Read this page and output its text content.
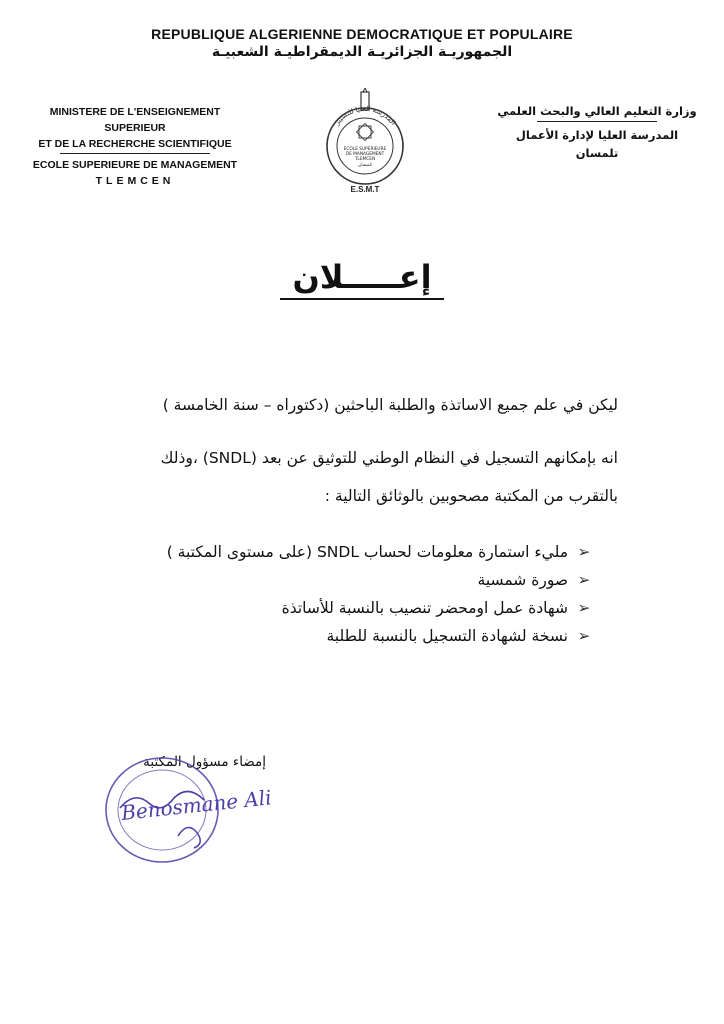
REPUBLIQUE ALGERIENNE DEMOCRATIQUE ET POPULAIRE
الجمهوريـة الجزائريـة الديمقراطيـة الشعبيـة
MINISTERE DE L'ENSEIGNEMENT SUPERIEUR
ET DE LA RECHERCHE SCIENTIFIQUE
ECOLE SUPERIEURE DE MANAGEMENT
TLEMCEN
المدرسة العليا للتسيير
ECOLE SUPERIEURE
DE MANAGEMENT
TLEMCEN
تلمسان
E.S.M.T
وزارة التعليم العالي والبحث العلمي
المدرسة العليا لإدارة الأعمال
تلمسان
إعـــــلان
ليكن في علم جميع الاساتذة والطلبة الباحثين (دكتوراه – سنة الخامسة )
انه بإمكانهم التسجيل في النظام الوطني للتوثيق عن بعد (SNDL) ،وذلك
بالتقرب من المكتبة مصحوبين بالوثائق التالية :
➢مليء استمارة معلومات لحساب SNDL (على مستوى المكتبة )
➢صورة شمسية
➢شهادة عمل اومحضر تنصيب بالنسبة للأساتذة
➢نسخة لشهادة التسجيل بالنسبة للطلبة
إمضاء مسؤول المكتبة
Benosmane Ali
